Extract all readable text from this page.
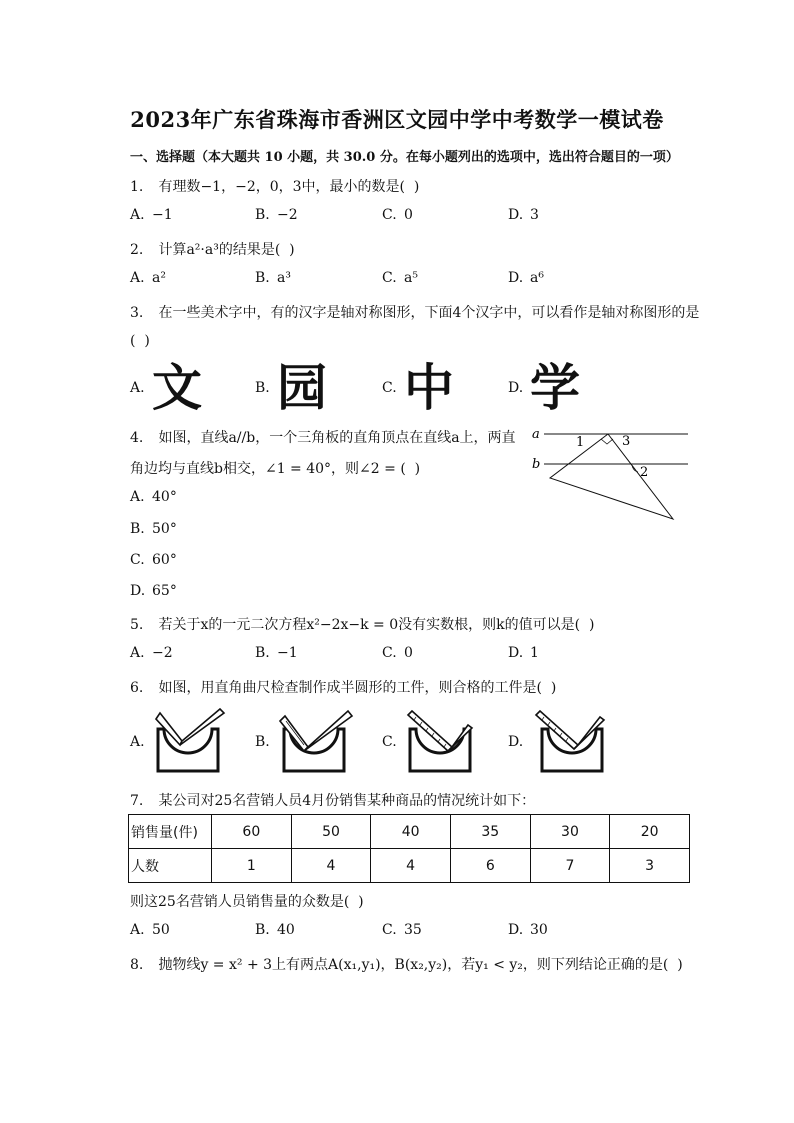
2023年广东省珠海市香洲区文园中学中考数学一模试卷
一、选择题（本大题共 10 小题，共 30.0 分。在每小题列出的选项中，选出符合题目的一项）
1. 有理数−1，−2，0，3中，最小的数是(  )
A. −1	B. −2	C. 0	D. 3
2. 计算a²·a³的结果是(  )
A. a²	B. a³	C. a⁵	D. a⁶
3. 在一些美术字中，有的汉字是轴对称图形，下面4个汉字中，可以看作是轴对称图形的是
(  )
A. 文	B. 园	C. 中	D. 学
4. 如图，直线a//b，一个三角板的直角顶点在直线a上，两直
角边均与直线b相交，∠1 = 40°，则∠2 = (  )
A. 40°
B. 50°
C. 60°
D. 65°
a
b
1	3
2
5. 若关于x的一元二次方程x²−2x−k = 0没有实数根，则k的值可以是(  )
A. −2	B. −1	C. 0	D. 1
6. 如图，用直角曲尺检查制作成半圆形的工件，则合格的工件是(  )
A.	B.	C.	D.
7. 某公司对25名营销人员4月份销售某种商品的情况统计如下：
销售量(件)	60	50	40	35	30	20
人数	1	4	4	6	7	3
则这25名营销人员销售量的众数是(  )
A. 50	B. 40	C. 35	D. 30
8. 抛物线y = x² + 3上有两点A(x₁,y₁)，B(x₂,y₂)，若y₁ < y₂，则下列结论正确的是(  )
